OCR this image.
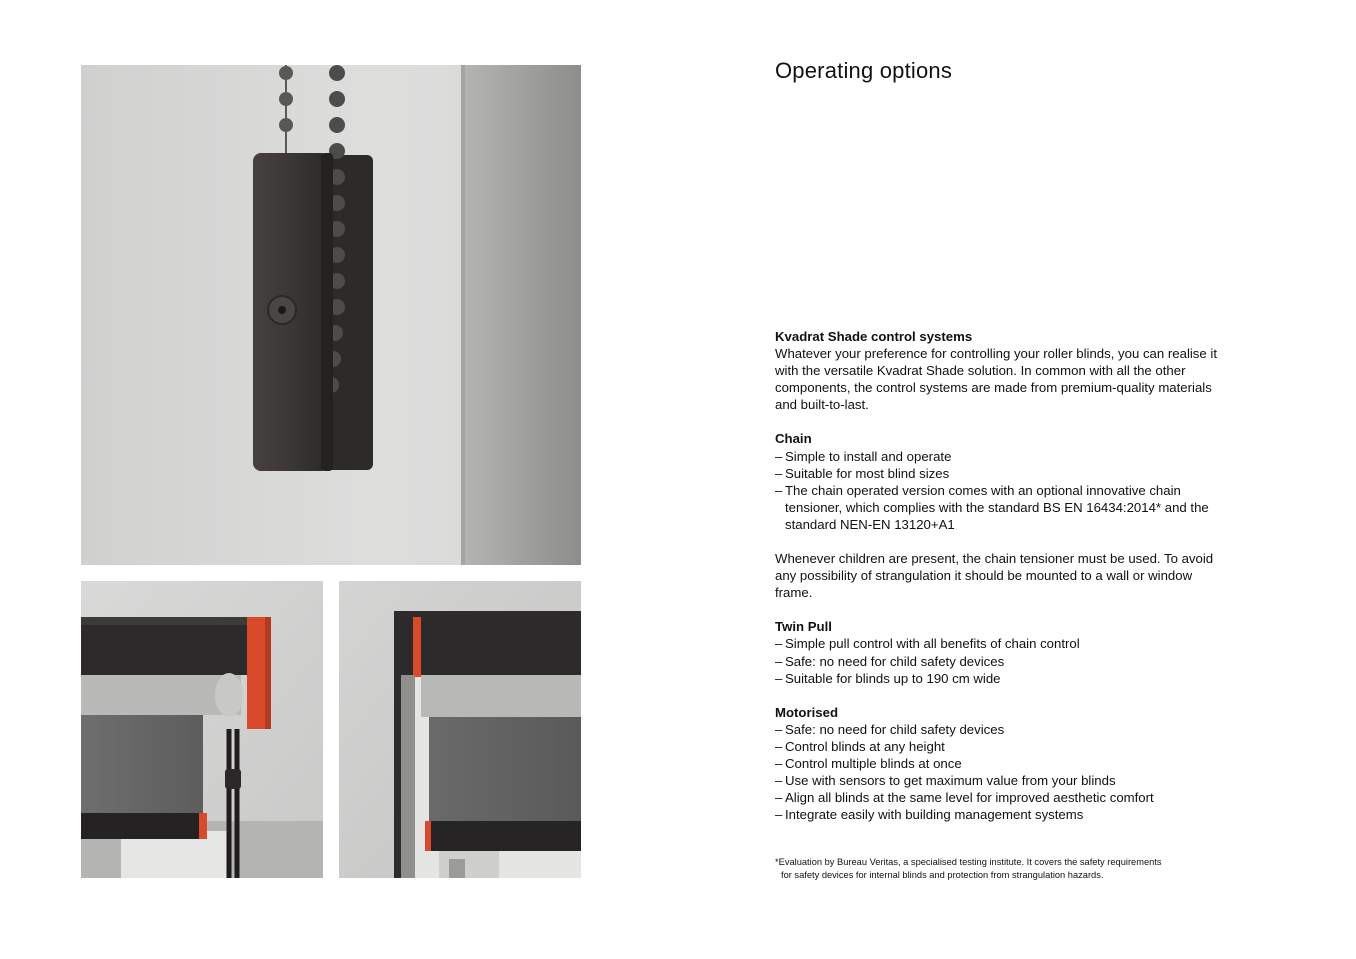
Operating options
Kvadrat Shade control systems

Whatever your preference for controlling your roller blinds, you can realise it with the versatile Kvadrat Shade solution. In common with all the other components, the control systems are made from premium-quality materials and built-to-last.

Chain
– Simple to install and operate
– Suitable for most blind sizes
– The chain operated version comes with an optional innovative chain tensioner, which complies with the standard BS EN 16434:2014* and the standard NEN-EN 13120+A1

Whenever children are present, the chain tensioner must be used. To avoid any possibility of strangulation it should be mounted to a wall or window frame.

Twin Pull
– Simple pull control with all benefits of chain control
– Safe: no need for child safety devices
– Suitable for blinds up to 190 cm wide
Motorised
– Safe: no need for child safety devices
– Control blinds at any height
– Control multiple blinds at once
– Use with sensors to get maximum value from your blinds
– Align all blinds at the same level for improved aesthetic comfort
– Integrate easily with building management systems
*Evaluation by Bureau Veritas, a specialised testing institute. It covers the safety requirements
for safety devices for internal blinds and protection from strangulation hazards.
